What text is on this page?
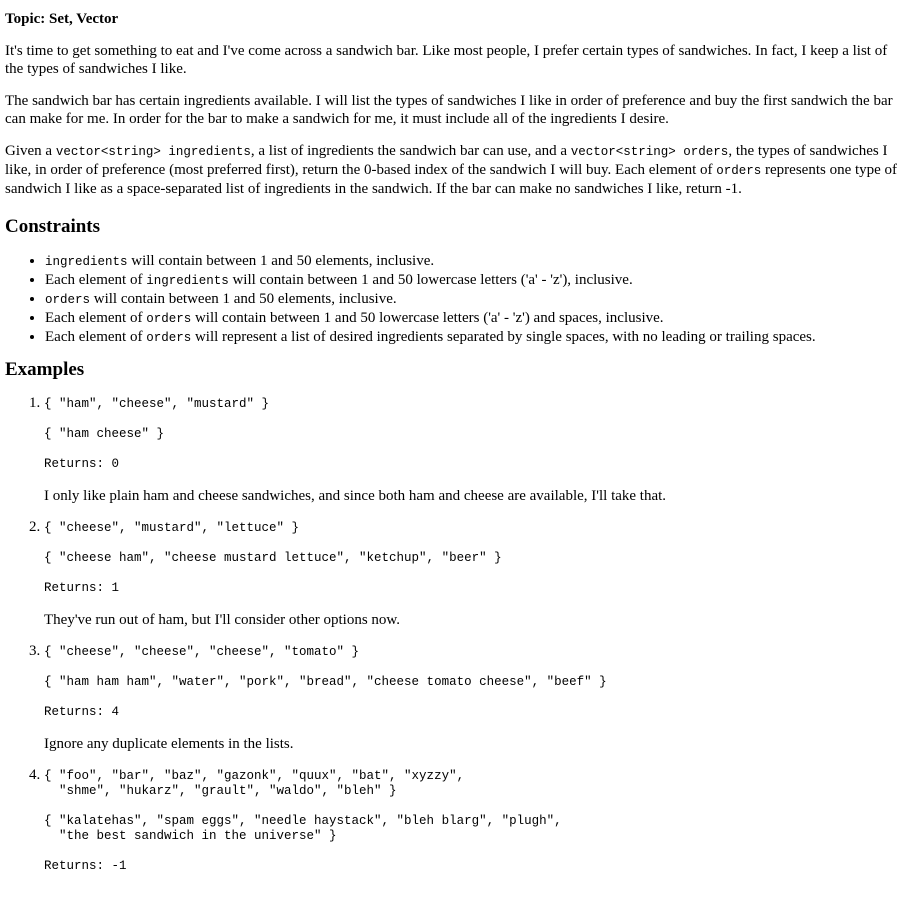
Topic: Set, Vector

It's time to get something to eat and I've come across a sandwich bar. Like most people, I prefer certain types of sandwiches. In fact, I keep a list of the types of sandwiches I like.

The sandwich bar has certain ingredients available. I will list the types of sandwiches I like in order of preference and buy the first sandwich the bar can make for me. In order for the bar to make a sandwich for me, it must include all of the ingredients I desire.

Given a vector<string> ingredients, a list of ingredients the sandwich bar can use, and a vector<string> orders, the types of sandwiches I like, in order of preference (most preferred first), return the 0-based index of the sandwich I will buy. Each element of orders represents one type of sandwich I like as a space-separated list of ingredients in the sandwich. If the bar can make no sandwiches I like, return -1.

Constraints
• ingredients will contain between 1 and 50 elements, inclusive.
• Each element of ingredients will contain between 1 and 50 lowercase letters ('a' - 'z'), inclusive.
• orders will contain between 1 and 50 elements, inclusive.
• Each element of orders will contain between 1 and 50 lowercase letters ('a' - 'z') and spaces, inclusive.
• Each element of orders will represent a list of desired ingredients separated by single spaces, with no leading or trailing spaces.
Examples
1. { "ham", "cheese", "mustard" }
{ "ham cheese" }
Returns: 0
I only like plain ham and cheese sandwiches, and since both ham and cheese are available, I'll take that.
2. { "cheese", "mustard", "lettuce" }
{ "cheese ham", "cheese mustard lettuce", "ketchup", "beer" }
Returns: 1
They've run out of ham, but I'll consider other options now.
3. { "cheese", "cheese", "cheese", "tomato" }
{ "ham ham ham", "water", "pork", "bread", "cheese tomato cheese", "beef" }
Returns: 4
Ignore any duplicate elements in the lists.
4. { "foo", "bar", "baz", "gazonk", "quux", "bat", "xyzzy",
"shme", "hukarz", "grault", "waldo", "bleh" }
{ "kalatehas", "spam eggs", "needle haystack", "bleh blarg", "plugh",
"the best sandwich in the universe" }
Returns: -1
